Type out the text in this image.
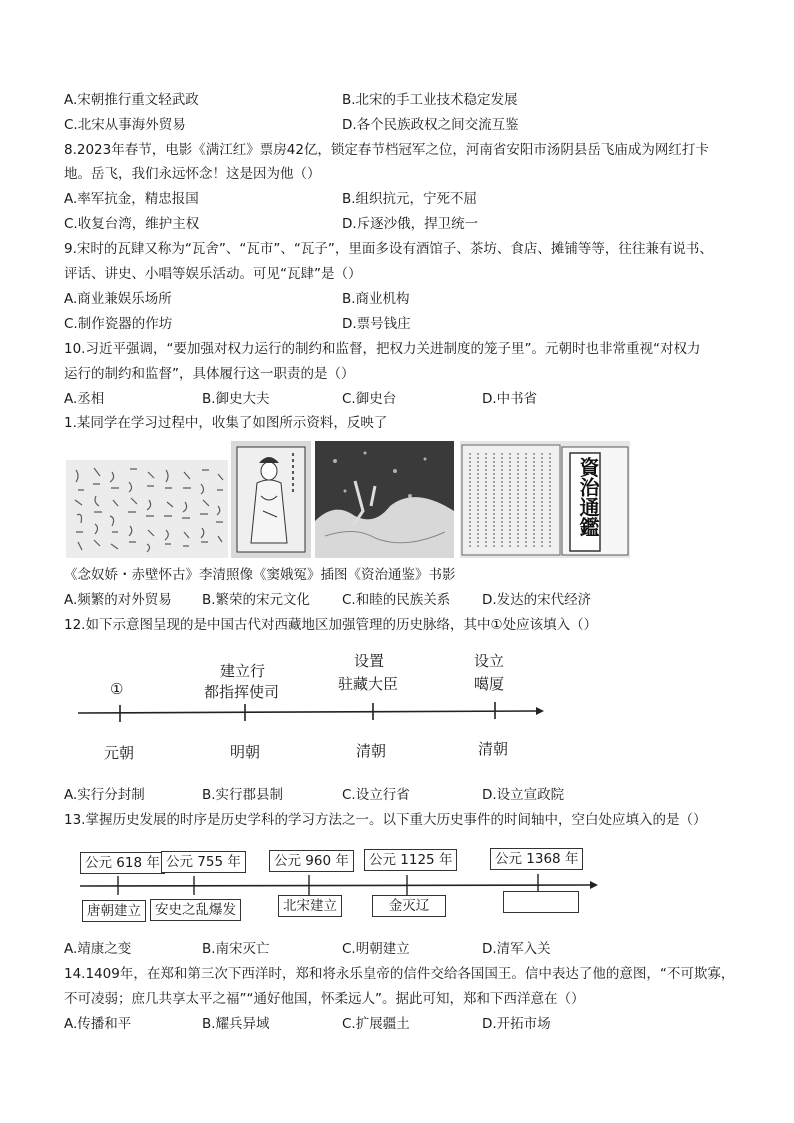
A.宋朝推行重文轻武政	B.北宋的手工业技术稳定发展
C.北宋从事海外贸易	D.各个民族政权之间交流互鉴
8.2023年春节，电影《满江红》票房42亿，锁定春节档冠军之位，河南省安阳市汤阴县岳飞庙成为网红打卡
地。岳飞，我们永远怀念！这是因为他（）
A.率军抗金，精忠报国	B.组织抗元，宁死不屈
C.收复台湾，维护主权	D.斥逐沙俄，捍卫统一
9.宋时的瓦肆又称为“瓦舍”、“瓦市”、“瓦子”，里面多设有酒馆子、茶坊、食店、摊铺等等，往往兼有说书、
评话、讲史、小唱等娱乐活动。可见“瓦肆”是（）
A.商业兼娱乐场所	B.商业机构
C.制作瓷器的作坊	D.票号钱庄
10.习近平强调，“要加强对权力运行的制约和监督，把权力关进制度的笼子里”。元朝时也非常重视“对权力
运行的制约和监督”，具体履行这一职责的是（）
A.丞相	B.御史大夫	C.御史台	D.中书省
1.某同学在学习过程中，收集了如图所示资料，反映了
資治通鑑
《念奴娇・赤壁怀古》李清照像《窦娥冤》插图《资治通鉴》书影
A.频繁的对外贸易 B.繁荣的宋元文化 C.和睦的民族关系 D.发达的宋代经济
12.如下示意图呈现的是中国古代对西藏地区加强管理的历史脉络，其中①处应该填入（）
①
建立行
都指挥使司
设置
驻藏大臣
设立
噶厦
元朝	明朝	清朝	清朝
A.实行分封制	B.实行郡县制	C.设立行省	D.设立宣政院
13.掌握历史发展的时序是历史学科的学习方法之一。以下重大历史事件的时间轴中，空白处应填入的是（）
公元 618 年 公元 755 年	公元 960 年	公元 1125 年	公元 1368 年
唐朝建立	安史之乱爆发	北宋建立	金灭辽
A.靖康之变	B.南宋灭亡	C.明朝建立	D.清军入关
14.1409年，在郑和第三次下西洋时，郑和将永乐皇帝的信件交给各国国王。信中表达了他的意图，“不可欺寡，
不可凌弱；庶几共享太平之福”“通好他国，怀柔远人”。据此可知，郑和下西洋意在（）
A.传播和平	B.耀兵异域	C.扩展疆土	D.开拓市场
